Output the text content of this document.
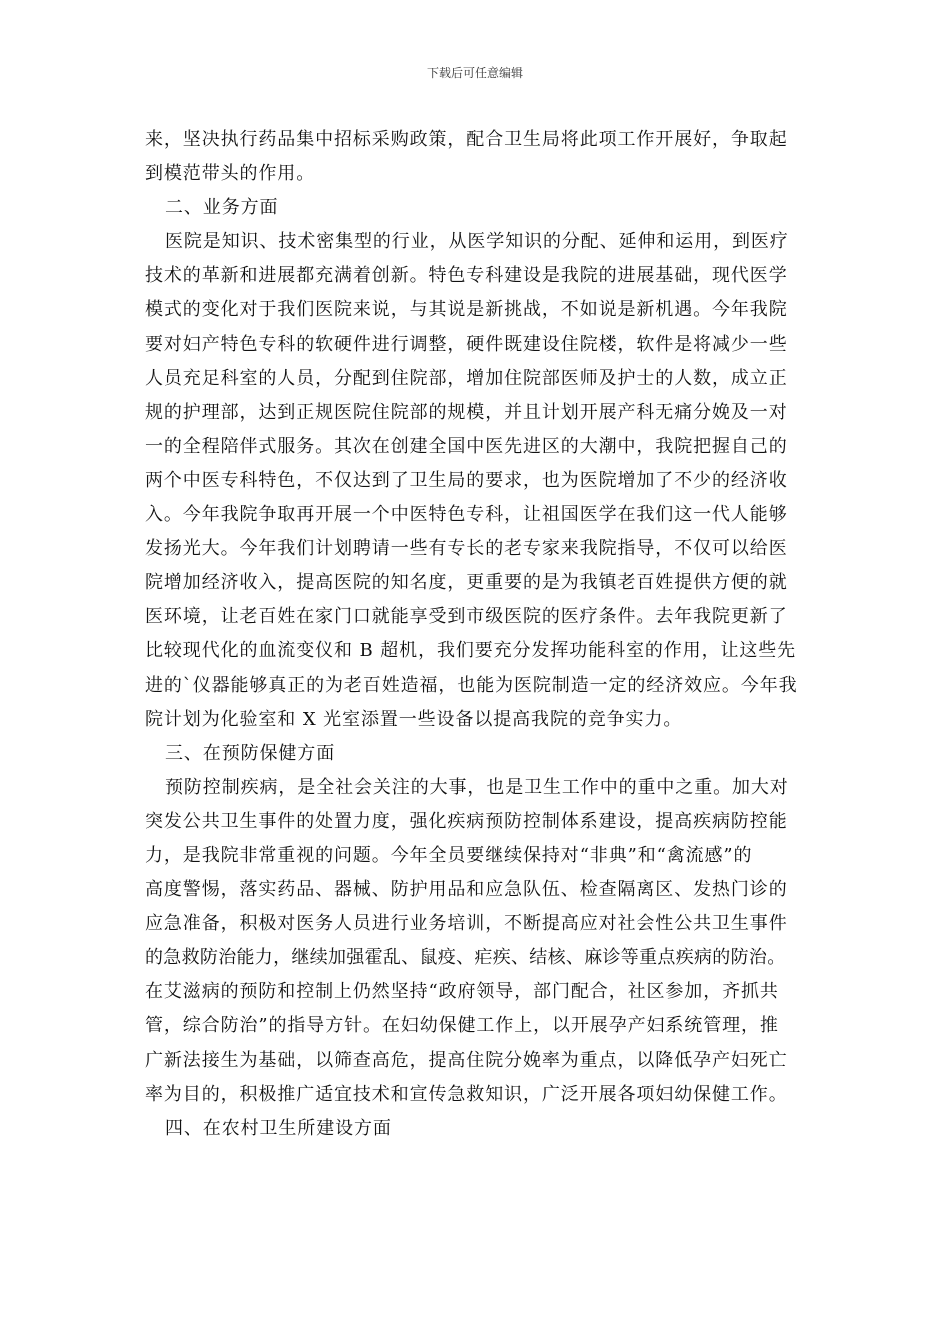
下载后可任意编辑
来，坚决执行药品集中招标采购政策，配合卫生局将此项工作开展好，争取起
到模范带头的作用。
二、业务方面
医院是知识、技术密集型的行业，从医学知识的分配、延伸和运用，到医疗
技术的革新和进展都充满着创新。特色专科建设是我院的进展基础，现代医学
模式的变化对于我们医院来说，与其说是新挑战，不如说是新机遇。今年我院
要对妇产特色专科的软硬件进行调整，硬件既建设住院楼，软件是将减少一些
人员充足科室的人员，分配到住院部，增加住院部医师及护士的人数，成立正
规的护理部，达到正规医院住院部的规模，并且计划开展产科无痛分娩及一对
一的全程陪伴式服务。其次在创建全国中医先进区的大潮中，我院把握自己的
两个中医专科特色，不仅达到了卫生局的要求，也为医院增加了不少的经济收
入。今年我院争取再开展一个中医特色专科，让祖国医学在我们这一代人能够
发扬光大。今年我们计划聘请一些有专长的老专家来我院指导，不仅可以给医
院增加经济收入，提高医院的知名度，更重要的是为我镇老百姓提供方便的就
医环境，让老百姓在家门口就能享受到市级医院的医疗条件。去年我院更新了
比较现代化的血流变仪和 B 超机，我们要充分发挥功能科室的作用，让这些先
进的`仪器能够真正的为老百姓造福，也能为医院制造一定的经济效应。今年我
院计划为化验室和 X 光室添置一些设备以提高我院的竞争实力。
三、在预防保健方面
预防控制疾病，是全社会关注的大事，也是卫生工作中的重中之重。加大对
突发公共卫生事件的处置力度，强化疾病预防控制体系建设，提高疾病防控能
力，是我院非常重视的问题。今年全员要继续保持对“非典”和“禽流感”的
高度警惕，落实药品、器械、防护用品和应急队伍、检查隔离区、发热门诊的
应急准备，积极对医务人员进行业务培训，不断提高应对社会性公共卫生事件
的急救防治能力，继续加强霍乱、鼠疫、疟疾、结核、麻诊等重点疾病的防治。
在艾滋病的预防和控制上仍然坚持“政府领导，部门配合，社区参加，齐抓共
管，综合防治”的指导方针。在妇幼保健工作上，以开展孕产妇系统管理，推
广新法接生为基础，以筛查高危，提高住院分娩率为重点，以降低孕产妇死亡
率为目的，积极推广适宜技术和宣传急救知识，广泛开展各项妇幼保健工作。
四、在农村卫生所建设方面
